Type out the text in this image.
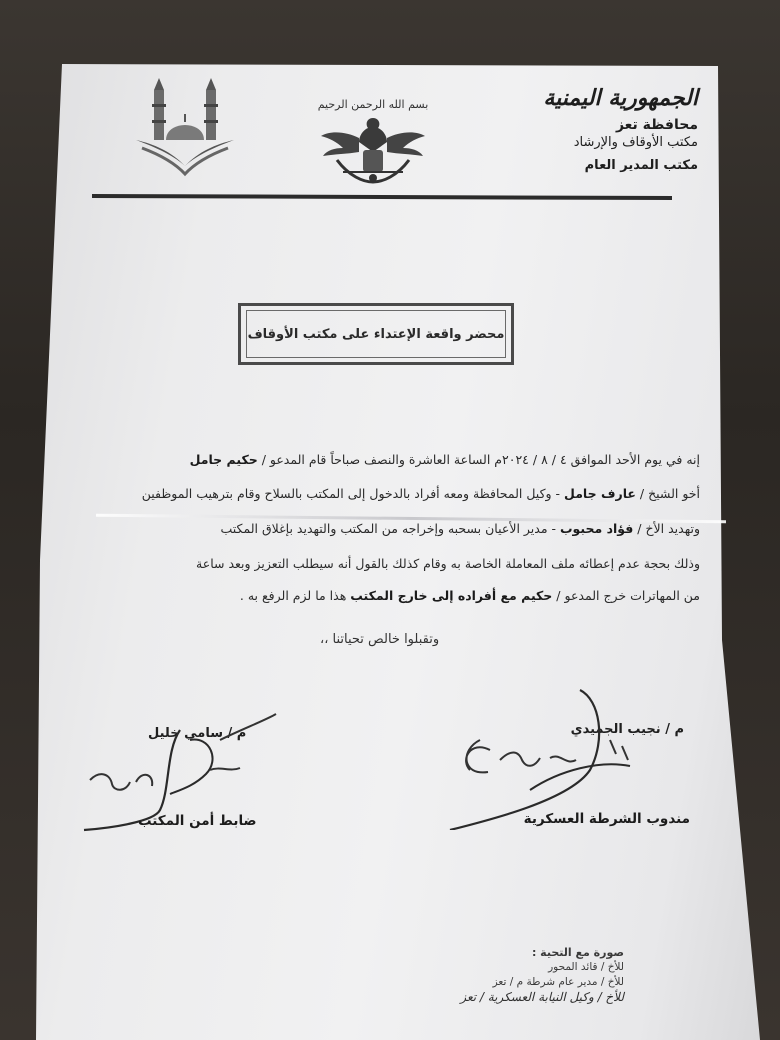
الجمهورية اليمنية
محافظة تعز
مكتب الأوقاف والإرشاد
مكتب المدير العام
بسم الله الرحمن الرحيم
محضر واقعة الإعتداء على مكتب الأوقاف
إنه في يوم الأحد الموافق ٤ / ٨ / ٢٠٢٤م الساعة العاشرة والنصف صباحاً قام المدعو / حكيم جامل
أخو الشيخ / عارف جامل - وكيل المحافظة ومعه أفراد بالدخول إلى المكتب بالسلاح وقام بترهيب الموظفين
وتهديد الأخ / فؤاد محبوب - مدير الأعيان بسحبه وإخراجه من المكتب والتهديد بإغلاق المكتب
وذلك بحجة عدم إعطائه ملف المعاملة الخاصة به وقام كذلك بالقول أنه سيطلب التعزيز وبعد ساعة
من المهاترات خرج المدعو / حكيم مع أفراده إلى خارج المكتب هذا ما لزم الرفع به .
وتقبلوا خالص تحياتنا ،،
م / نجيب الجميدي
مندوب الشرطة العسكرية
م / سامي خليل
ضابط أمن المكتب
صورة مع التحية :
للأخ / قائد المحور
للأخ / مدير عام شرطة م / تعز
للأخ / وكيل النيابة العسكرية / تعز
